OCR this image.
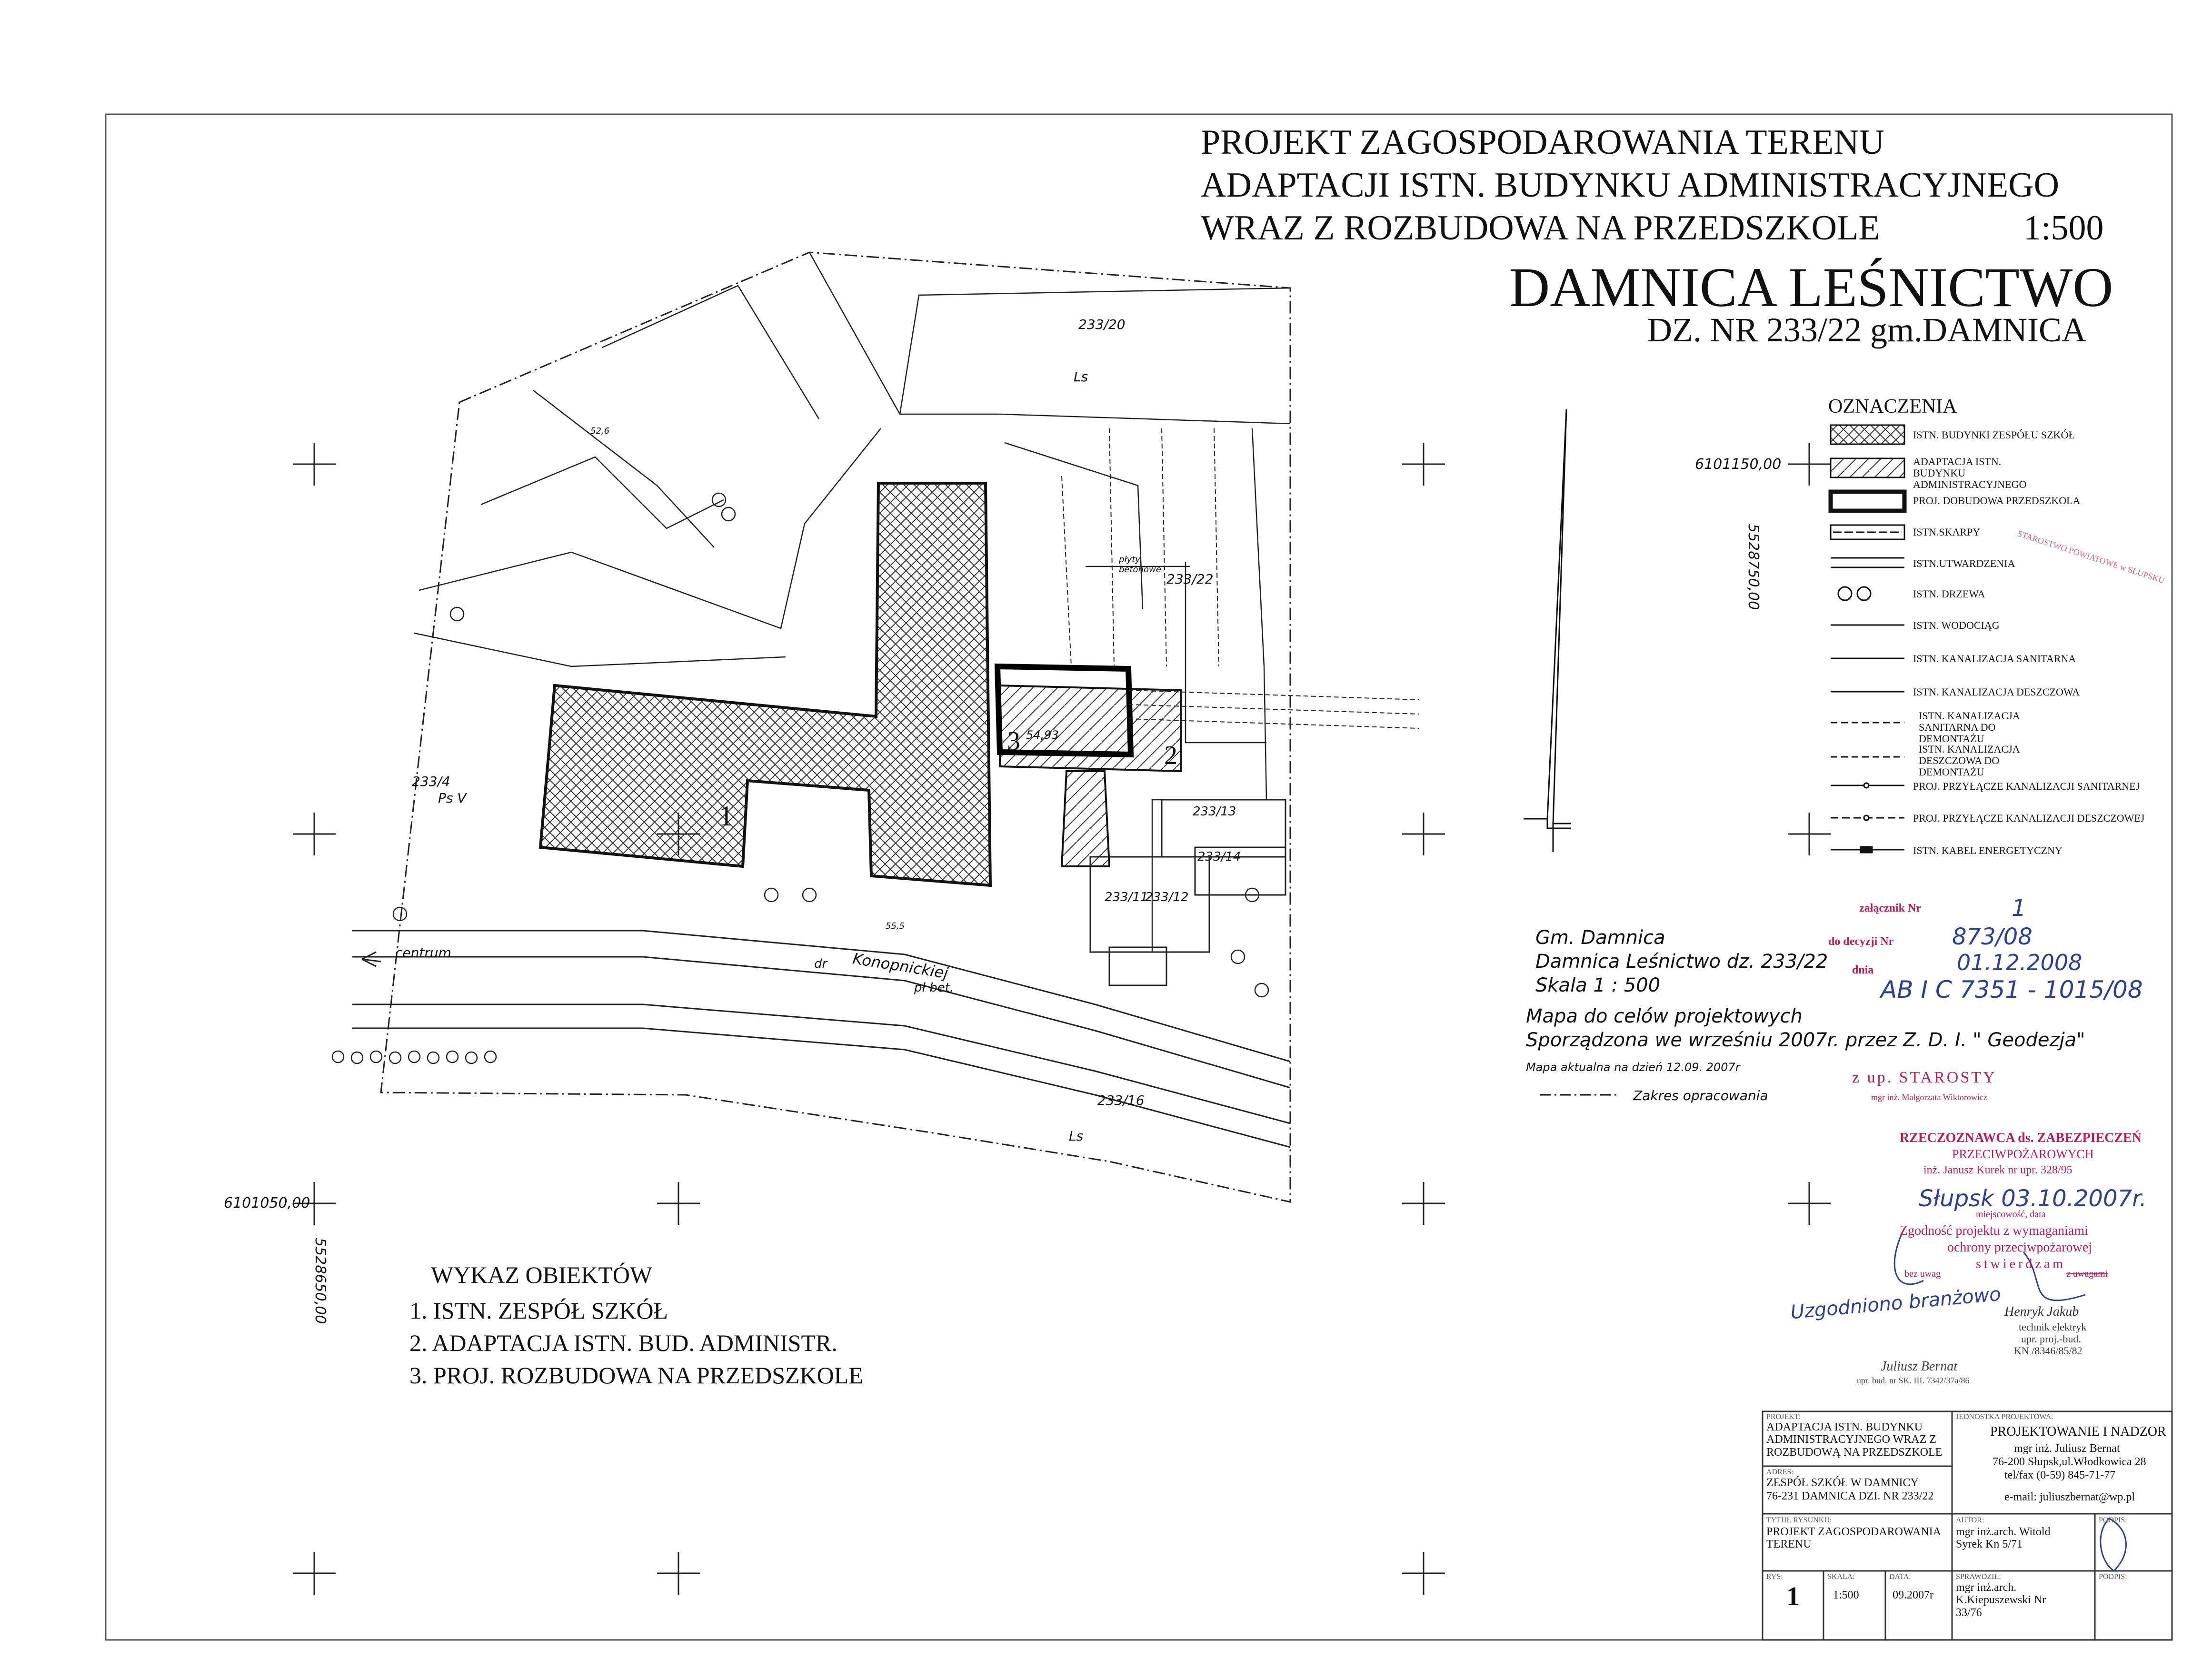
PROJEKT ZAGOSPODAROWANIA TERENU
ADAPTACJI ISTN. BUDYNKU ADMINISTRACYJNEGO
WRAZ Z ROZBUDOWA NA PRZEDSZKOLE	1:500
DAMNICA LEŚNICTWO
DZ. NR 233/22 gm.DAMNICA
OZNACZENIA
ISTN. BUDYNKI ZESPÓŁU SZKÓŁ
ADAPTACJA ISTN. BUDYNKU ADMINISTRACYJNEGO
PROJ. DOBUDOWA PRZEDSZKOLA
ISTN.SKARPY
ISTN.UTWARDZENIA
ISTN. DRZEWA
ISTN. WODOCIĄG
ISTN. KANALIZACJA SANITARNA
ISTN. KANALIZACJA DESZCZOWA
ISTN. KANALIZACJA SANITARNA DO DEMONTAŻU
ISTN. KANALIZACJA DESZCZOWA DO DEMONTAŻU
PROJ. PRZYŁĄCZE KANALIZACJI SANITARNEJ
PROJ. PRZYŁĄCZE KANALIZACJI DESZCZOWEJ
ISTN. KABEL ENERGETYCZNY
6101150,00
5528750,00
6101050,00
5528650,00
1
2
3
Konopnickiej
dr
centrum
233/20
233/22
233/4
233/16
233/13
233/14
233/11
233/12
Ls
Ls
Ps V
pł bet.
płyty betonowe
54,93
55,5
52,6
Gm. Damnica
Damnica Leśnictwo dz. 233/22
Skala 1 : 500
Mapa do celów projektowych
Sporządzona we wrześniu 2007r. przez Z. D. I. " Geodezja"
Mapa aktualna na dzień 12.09. 2007r
Zakres opracowania
załącznik Nr	1
do decyzji Nr	873/08
dnia	01.12.2008
AB I C 7351 - 1015/08
z up. STAROSTY
mgr inż. Małgorzata Wiktorowicz
STAROSTWO POWIATOWE w SŁUPSKU
RZECZOZNAWCA ds. ZABEZPIECZEŃ
PRZECIWPOŻAROWYCH
inż. Janusz Kurek nr upr. 328/95
Słupsk 03.10.2007r.
miejscowość, data
Zgodność projektu z wymaganiami
ochrony przeciwpożarowej
stwierdzam
bez uwag	z uwagami
Uzgodniono branżowo Henryk Jakub
technik elektryk
upr. proj.-bud.
KN /8346/85/82
Juliusz Bernat
upr. bud. nr SK. III. 7342/37a/86
WYKAZ OBIEKTÓW
1. ISTN. ZESPÓŁ SZKÓŁ
2. ADAPTACJA ISTN. BUD. ADMINISTR.
3. PROJ. ROZBUDOWA NA PRZEDSZKOLE
PROJEKT:
ADAPTACJA ISTN. BUDYNKU ADMINISTRACYJNEGO WRAZ Z ROZBUDOWĄ NA PRZEDSZKOLE
ADRES:
ZESPÓŁ SZKÓŁ W DAMNICY
76-231 DAMNICA DZI. NR 233/22
JEDNOSTKA PROJEKTOWA:
PROJEKTOWANIE I NADZOR
mgr inż. Juliusz Bernat
76-200 Słupsk,ul.Włodkowica 28
tel/fax (0-59) 845-71-77
e-mail: juliuszbernat@wp.pl
TYTUŁ RYSUNKU:
PROJEKT ZAGOSPODAROWANIA TERENU
AUTOR:
mgr inż.arch. Witold Syrek Kn 5/71
PODPIS:
RYS:
1
SKALA:
1:500
DATA:
09.2007r
SPRAWDZIŁ:
mgr inż.arch. K.Kiepuszewski Nr 33/76
PODPIS:
